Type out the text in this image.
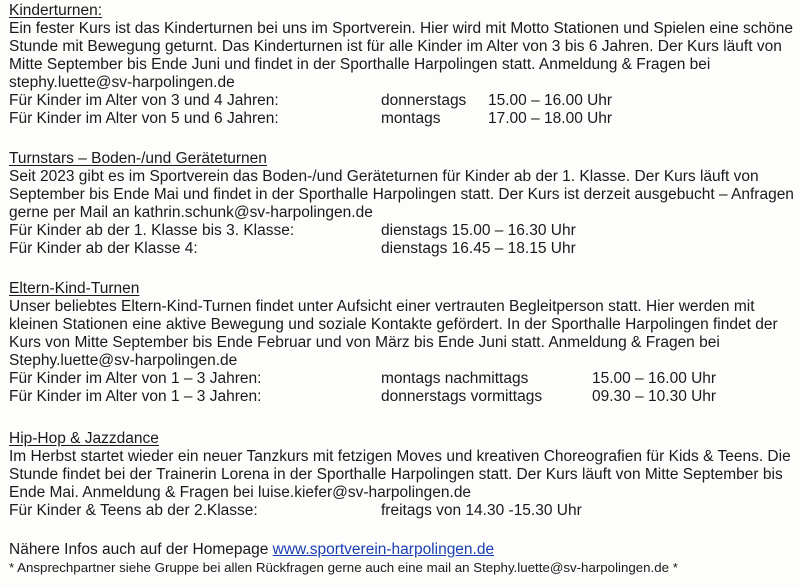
Kinderturnen:

Ein fester Kurs ist das Kinderturnen bei uns im Sportverein. Hier wird mit Motto Stationen und Spielen eine schöne Stunde mit Bewegung geturnt. Das Kinderturnen ist für alle Kinder im Alter von 3 bis 6 Jahren. Der Kurs läuft von Mitte September bis Ende Juni und findet in der Sporthalle Harpolingen statt. Anmeldung & Fragen bei stephy.luette@sv-harpolingen.de

Für Kinder im Alter von 3 und 4 Jahren:	donnerstags 15.00 – 16.00 Uhr
Für Kinder im Alter von 5 und 6 Jahren:	montags	17.00 – 18.00 Uhr

Turnstars – Boden-/und Geräteturnen

Seit 2023 gibt es im Sportverein das Boden-/und Geräteturnen für Kinder ab der 1. Klasse. Der Kurs läuft von September bis Ende Mai und findet in der Sporthalle Harpolingen statt. Der Kurs ist derzeit ausgebucht – Anfragen gerne per Mail an kathrin.schunk@sv-harpolingen.de

Für Kinder ab der 1. Klasse bis 3. Klasse:	dienstags 15.00 – 16.30 Uhr
Für Kinder ab der Klasse 4:	dienstags 16.45 – 18.15 Uhr

Eltern-Kind-Turnen

Unser beliebtes Eltern-Kind-Turnen findet unter Aufsicht einer vertrauten Begleitperson statt. Hier werden mit kleinen Stationen eine aktive Bewegung und soziale Kontakte gefördert. In der Sporthalle Harpolingen findet der Kurs von Mitte September bis Ende Februar und von März bis Ende Juni statt. Anmeldung & Fragen bei Stephy.luette@sv-harpolingen.de

Für Kinder im Alter von 1 – 3 Jahren:	montags nachmittags	15.00 – 16.00 Uhr
Für Kinder im Alter von 1 – 3 Jahren:	donnerstags vormittags	09.30 – 10.30 Uhr

Hip-Hop & Jazzdance

Im Herbst startet wieder ein neuer Tanzkurs mit fetzigen Moves und kreativen Choreografien für Kids & Teens. Die Stunde findet bei der Trainerin Lorena in der Sporthalle Harpolingen statt. Der Kurs läuft von Mitte September bis Ende Mai. Anmeldung & Fragen bei luise.kiefer@sv-harpolingen.de

Für Kinder & Teens ab der 2.Klasse:	freitags von 14.30 -15.30 Uhr

Nähere Infos auch auf der Homepage www.sportverein-harpolingen.de

* Ansprechpartner siehe Gruppe bei allen Rückfragen gerne auch eine mail an Stephy.luette@sv-harpolingen.de *
